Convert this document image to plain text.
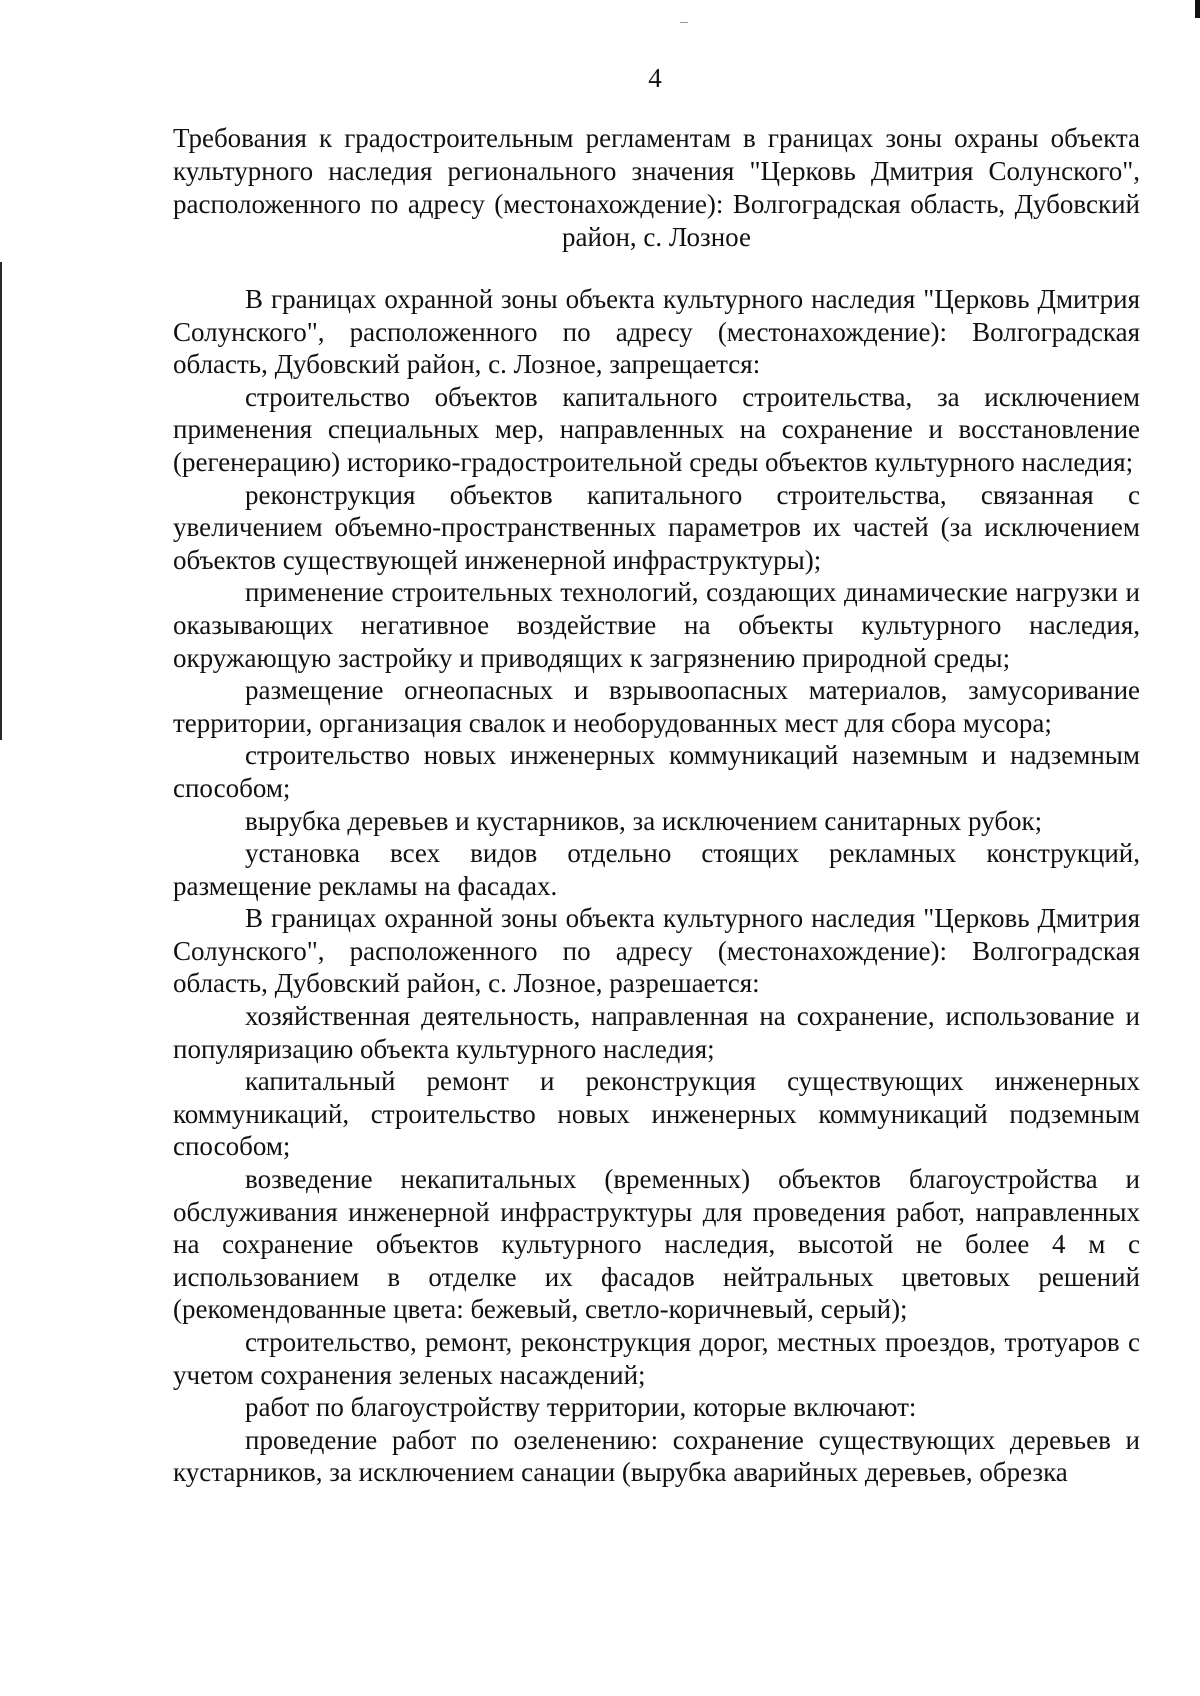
4
Требования к градостроительным регламентам в границах зоны охраны объекта культурного наследия регионального значения "Церковь Дмитрия Солунского", расположенного по адресу (местонахождение): Волгоградская область, Дубовский район, с. Лозное

В границах охранной зоны объекта культурного наследия "Церковь Дмитрия Солунского", расположенного по адресу (местонахождение): Волгоградская область, Дубовский район, с. Лозное, запрещается:

строительство объектов капитального строительства, за исключением применения специальных мер, направленных на сохранение и восстановление (регенерацию) историко-градостроительной среды объектов культурного наследия;

реконструкция объектов капитального строительства, связанная с увеличением объемно-пространственных параметров их частей (за исключением объектов существующей инженерной инфраструктуры);

применение строительных технологий, создающих динамические нагрузки и оказывающих негативное воздействие на объекты культурного наследия, окружающую застройку и приводящих к загрязнению природной среды;

размещение огнеопасных и взрывоопасных материалов, замусоривание территории, организация свалок и необорудованных мест для сбора мусора;

строительство новых инженерных коммуникаций наземным и надземным способом;

вырубка деревьев и кустарников, за исключением санитарных рубок;

установка всех видов отдельно стоящих рекламных конструкций, размещение рекламы на фасадах.

В границах охранной зоны объекта культурного наследия "Церковь Дмитрия Солунского", расположенного по адресу (местонахождение): Волгоградская область, Дубовский район, с. Лозное, разрешается:

хозяйственная деятельность, направленная на сохранение, использование и популяризацию объекта культурного наследия;

капитальный ремонт и реконструкция существующих инженерных коммуникаций, строительство новых инженерных коммуникаций подземным способом;

возведение некапитальных (временных) объектов благоустройства и обслуживания инженерной инфраструктуры для проведения работ, направленных на сохранение объектов культурного наследия, высотой не более 4 м с использованием в отделке их фасадов нейтральных цветовых решений (рекомендованные цвета: бежевый, светло-коричневый, серый);

строительство, ремонт, реконструкция дорог, местных проездов, тротуаров с учетом сохранения зеленых насаждений;

работ по благоустройству территории, которые включают:

проведение работ по озеленению: сохранение существующих деревьев и кустарников, за исключением санации (вырубка аварийных деревьев, обрезка
